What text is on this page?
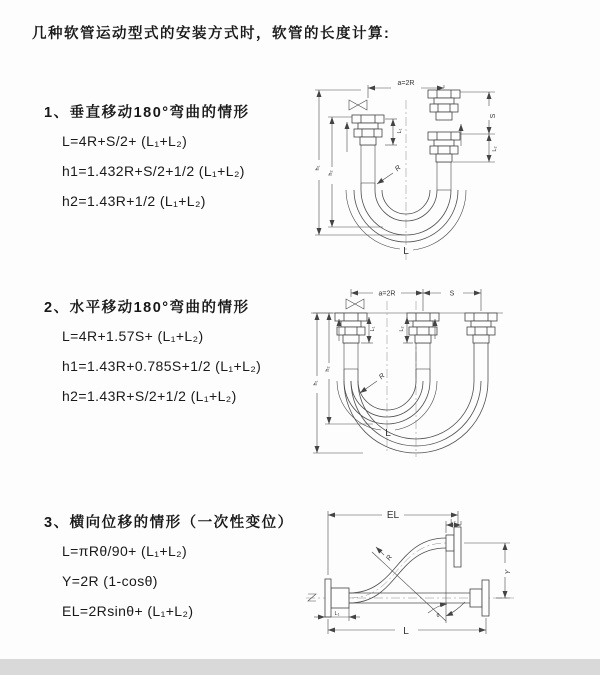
几种软管运动型式的安装方式时，软管的长度计算:
1、垂直移动180°弯曲的情形
L=4R+S/2+ (L₁+L₂)
h1=1.432R+S/2+1/2 (L₁+L₂)
h2=1.43R+1/2 (L₁+L₂)
2、水平移动180°弯曲的情形
L=4R+1.57S+ (L₁+L₂)
h1=1.43R+0.785S+1/2 (L₁+L₂)
h2=1.43R+S/2+1/2 (L₁+L₂)
3、横向位移的情形（一次性变位）
L=πRθ/90+ (L₁+L₂)
Y=2R (1-cosθ)
EL=2Rsinθ+ (L₁+L₂)
a=2R
h₁
h₂
L₁
S
L₂
R
L
a=2R	S
L₁	L₂
h₁
h₂
R
L
EL
L₂
Y
L₁
L
θ
R
